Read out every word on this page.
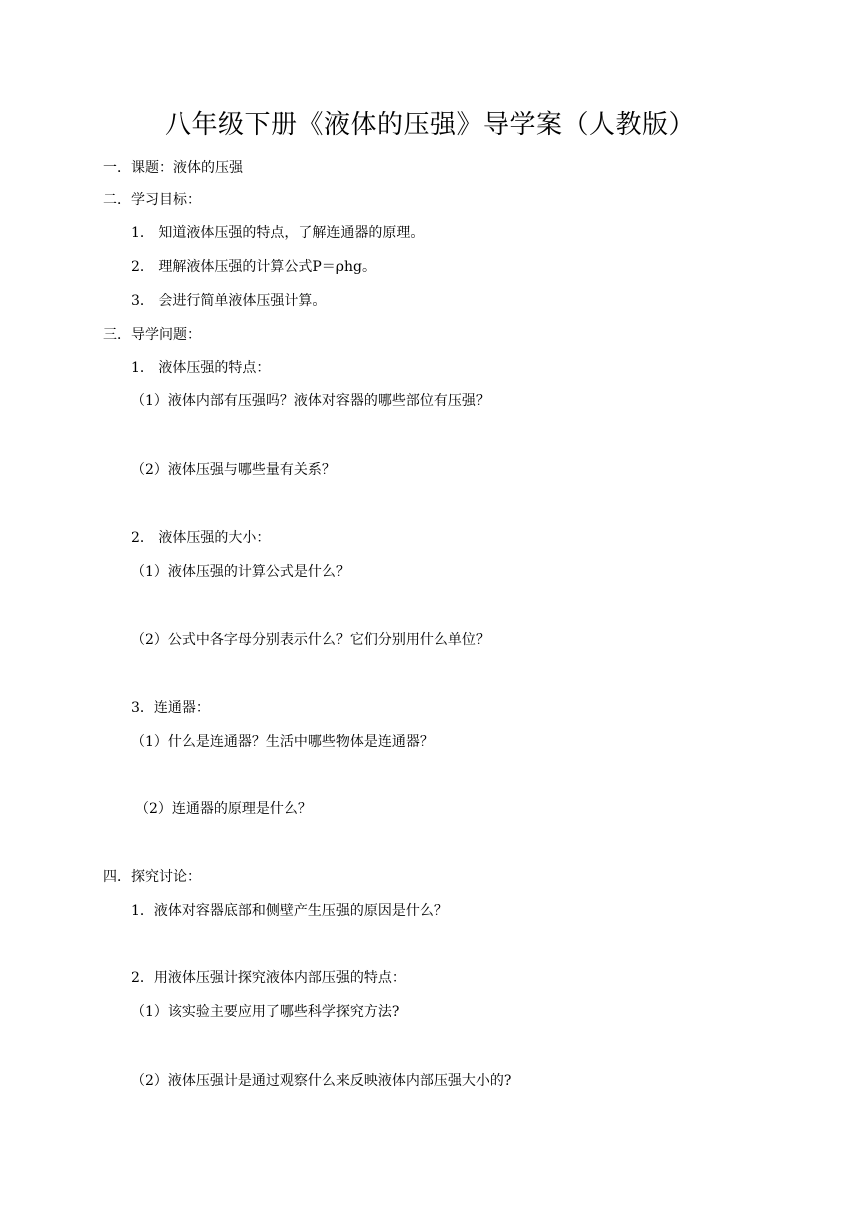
八年级下册《液体的压强》导学案（人教版）
一．课题：液体的压强
二．学习目标：
1． 知道液体压强的特点，了解连通器的原理。
2． 理解液体压强的计算公式P＝ρhg。
3． 会进行简单液体压强计算。
三．导学问题：
1． 液体压强的特点：
（1）液体内部有压强吗？液体对容器的哪些部位有压强？
（2）液体压强与哪些量有关系？
2． 液体压强的大小：
（1）液体压强的计算公式是什么？
（2）公式中各字母分别表示什么？它们分别用什么单位？
3．连通器：
（1）什么是连通器？生活中哪些物体是连通器？
（2）连通器的原理是什么？
四．探究讨论：
1．液体对容器底部和侧壁产生压强的原因是什么？
2．用液体压强计探究液体内部压强的特点：
（1）该实验主要应用了哪些科学探究方法?
（2）液体压强计是通过观察什么来反映液体内部压强大小的?
